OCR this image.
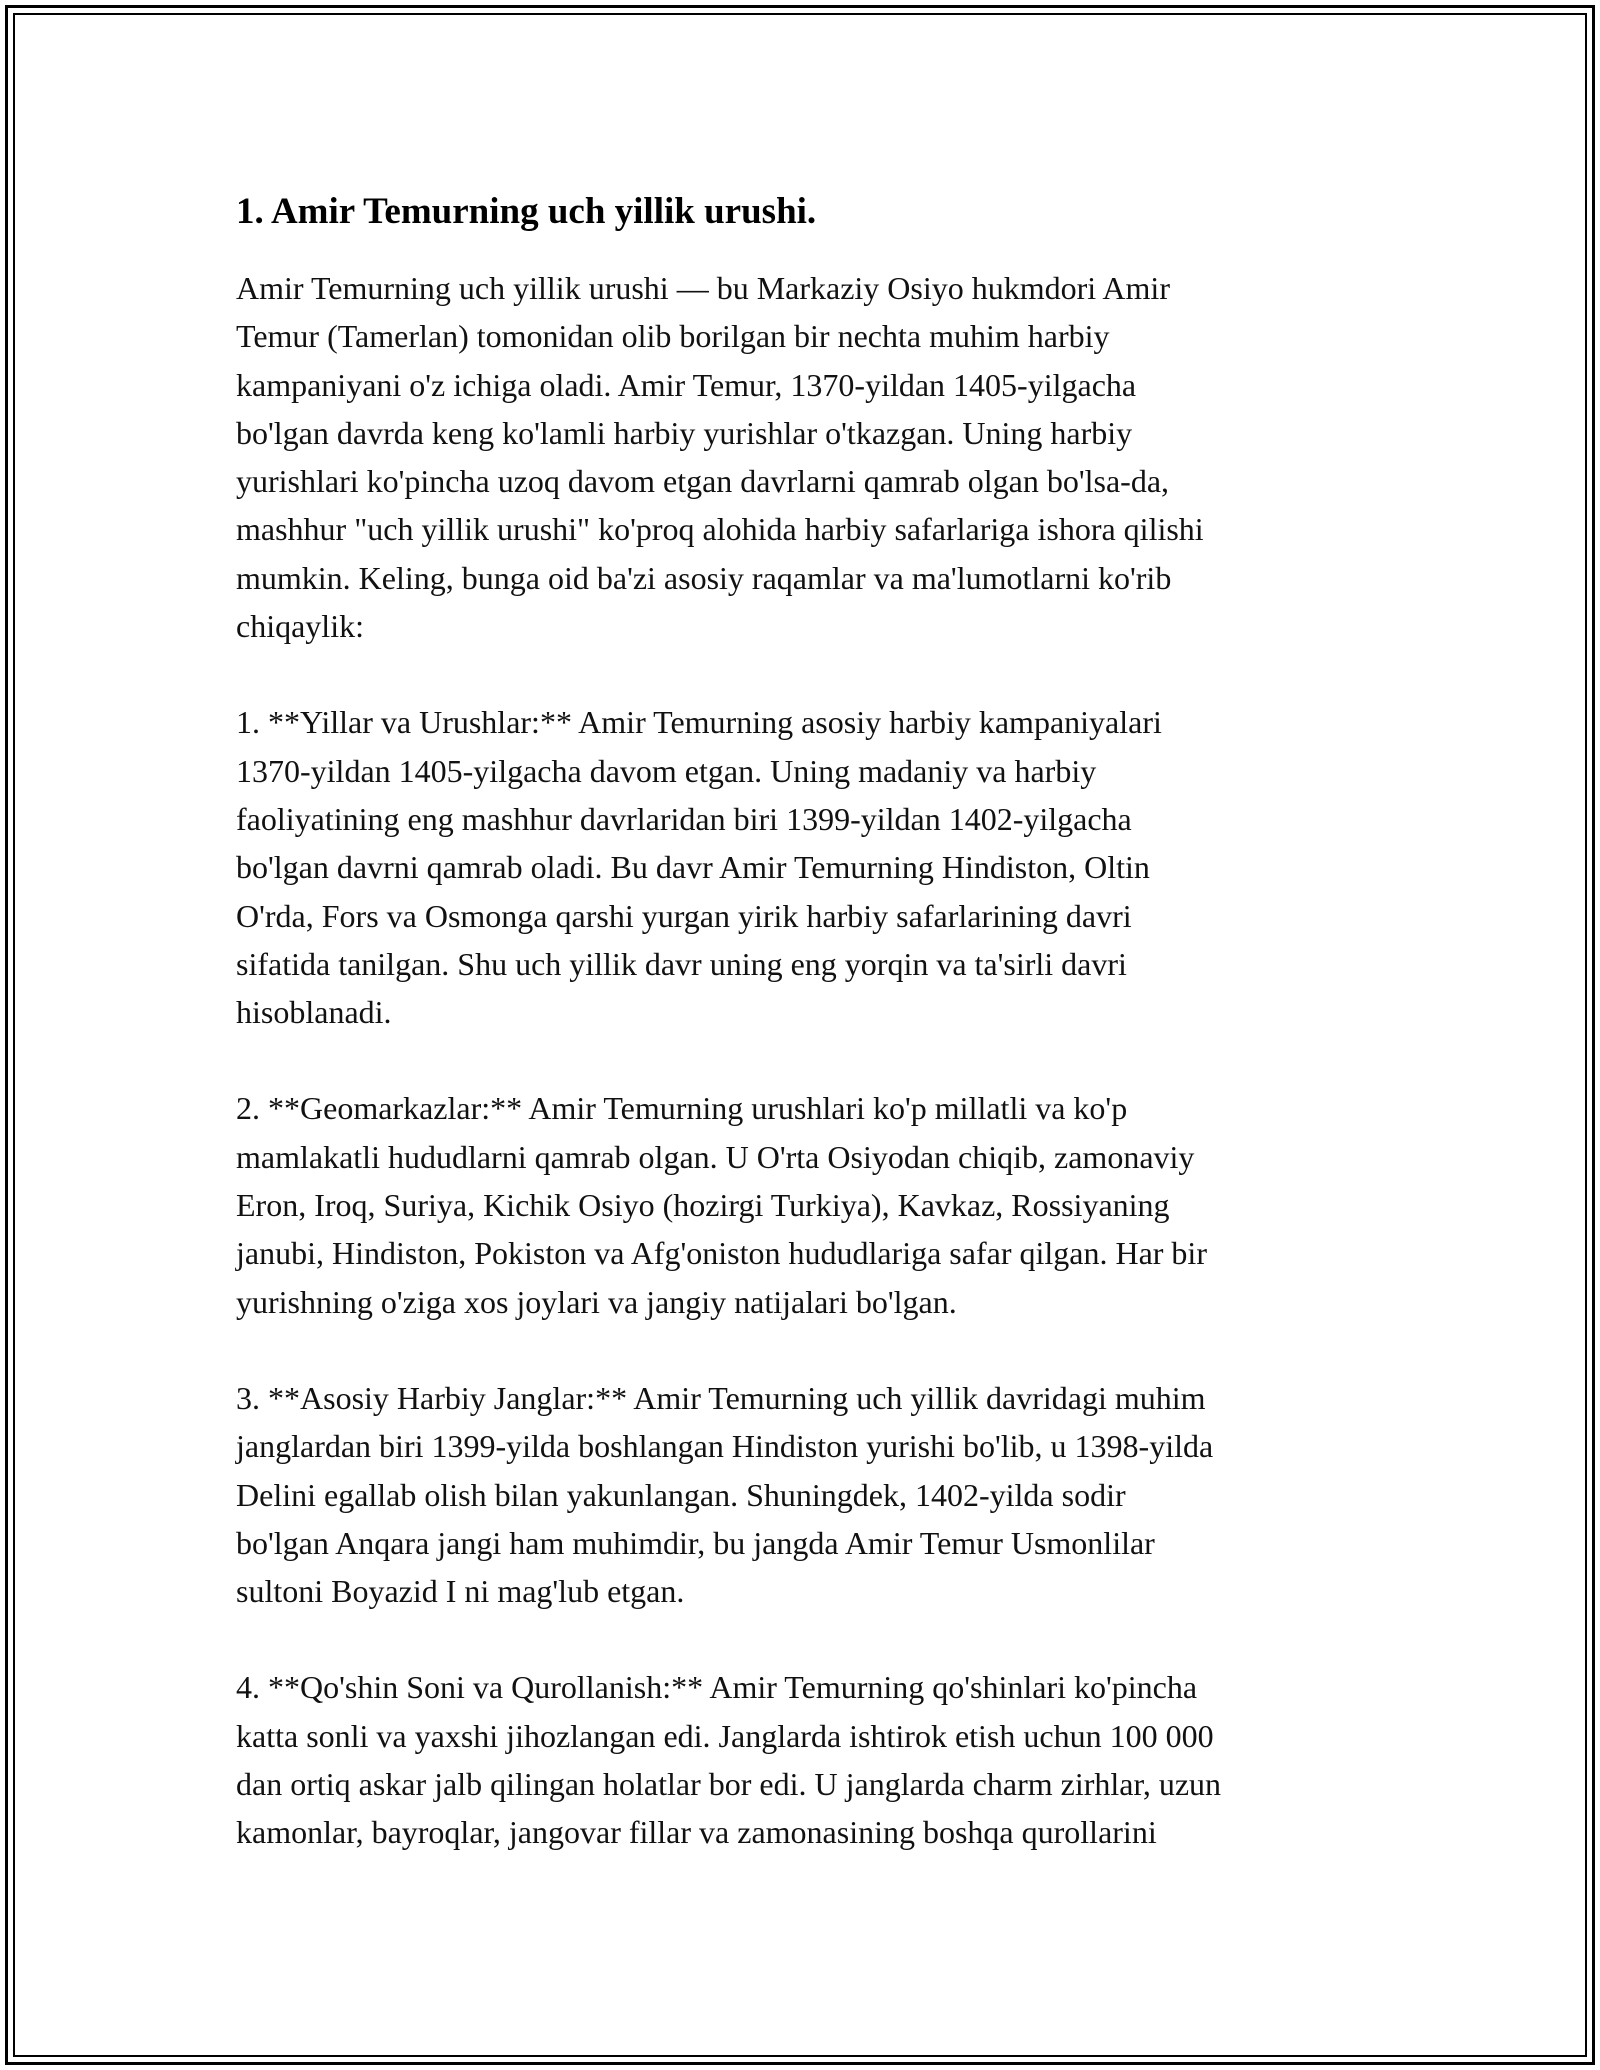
1. Amir Temurning uch yillik urushi.

Amir Temurning uch yillik urushi — bu Markaziy Osiyo hukmdori Amir
Temur (Tamerlan) tomonidan olib borilgan bir nechta muhim harbiy
kampaniyani o'z ichiga oladi. Amir Temur, 1370-yildan 1405-yilgacha
bo'lgan davrda keng ko'lamli harbiy yurishlar o'tkazgan. Uning harbiy
yurishlari ko'pincha uzoq davom etgan davrlarni qamrab olgan bo'lsa-da,
mashhur "uch yillik urushi" ko'proq alohida harbiy safarlariga ishora qilishi
mumkin. Keling, bunga oid ba'zi asosiy raqamlar va ma'lumotlarni ko'rib
chiqaylik:

1. **Yillar va Urushlar:** Amir Temurning asosiy harbiy kampaniyalari
1370-yildan 1405-yilgacha davom etgan. Uning madaniy va harbiy
faoliyatining eng mashhur davrlaridan biri 1399-yildan 1402-yilgacha
bo'lgan davrni qamrab oladi. Bu davr Amir Temurning Hindiston, Oltin
O'rda, Fors va Osmonga qarshi yurgan yirik harbiy safarlarining davri
sifatida tanilgan. Shu uch yillik davr uning eng yorqin va ta'sirli davri
hisoblanadi.

2. **Geomarkazlar:** Amir Temurning urushlari ko'p millatli va ko'p
mamlakatli hududlarni qamrab olgan. U O'rta Osiyodan chiqib, zamonaviy
Eron, Iroq, Suriya, Kichik Osiyo (hozirgi Turkiya), Kavkaz, Rossiyaning
janubi, Hindiston, Pokiston va Afg'oniston hududlariga safar qilgan. Har bir
yurishning o'ziga xos joylari va jangiy natijalari bo'lgan.

3. **Asosiy Harbiy Janglar:** Amir Temurning uch yillik davridagi muhim
janglardan biri 1399-yilda boshlangan Hindiston yurishi bo'lib, u 1398-yilda
Delini egallab olish bilan yakunlangan. Shuningdek, 1402-yilda sodir
bo'lgan Anqara jangi ham muhimdir, bu jangda Amir Temur Usmonlilar
sultoni Boyazid I ni mag'lub etgan.

4. **Qo'shin Soni va Qurollanish:** Amir Temurning qo'shinlari ko'pincha
katta sonli va yaxshi jihozlangan edi. Janglarda ishtirok etish uchun 100 000
dan ortiq askar jalb qilingan holatlar bor edi. U janglarda charm zirhlar, uzun
kamonlar, bayroqlar, jangovar fillar va zamonasining boshqa qurollarini
